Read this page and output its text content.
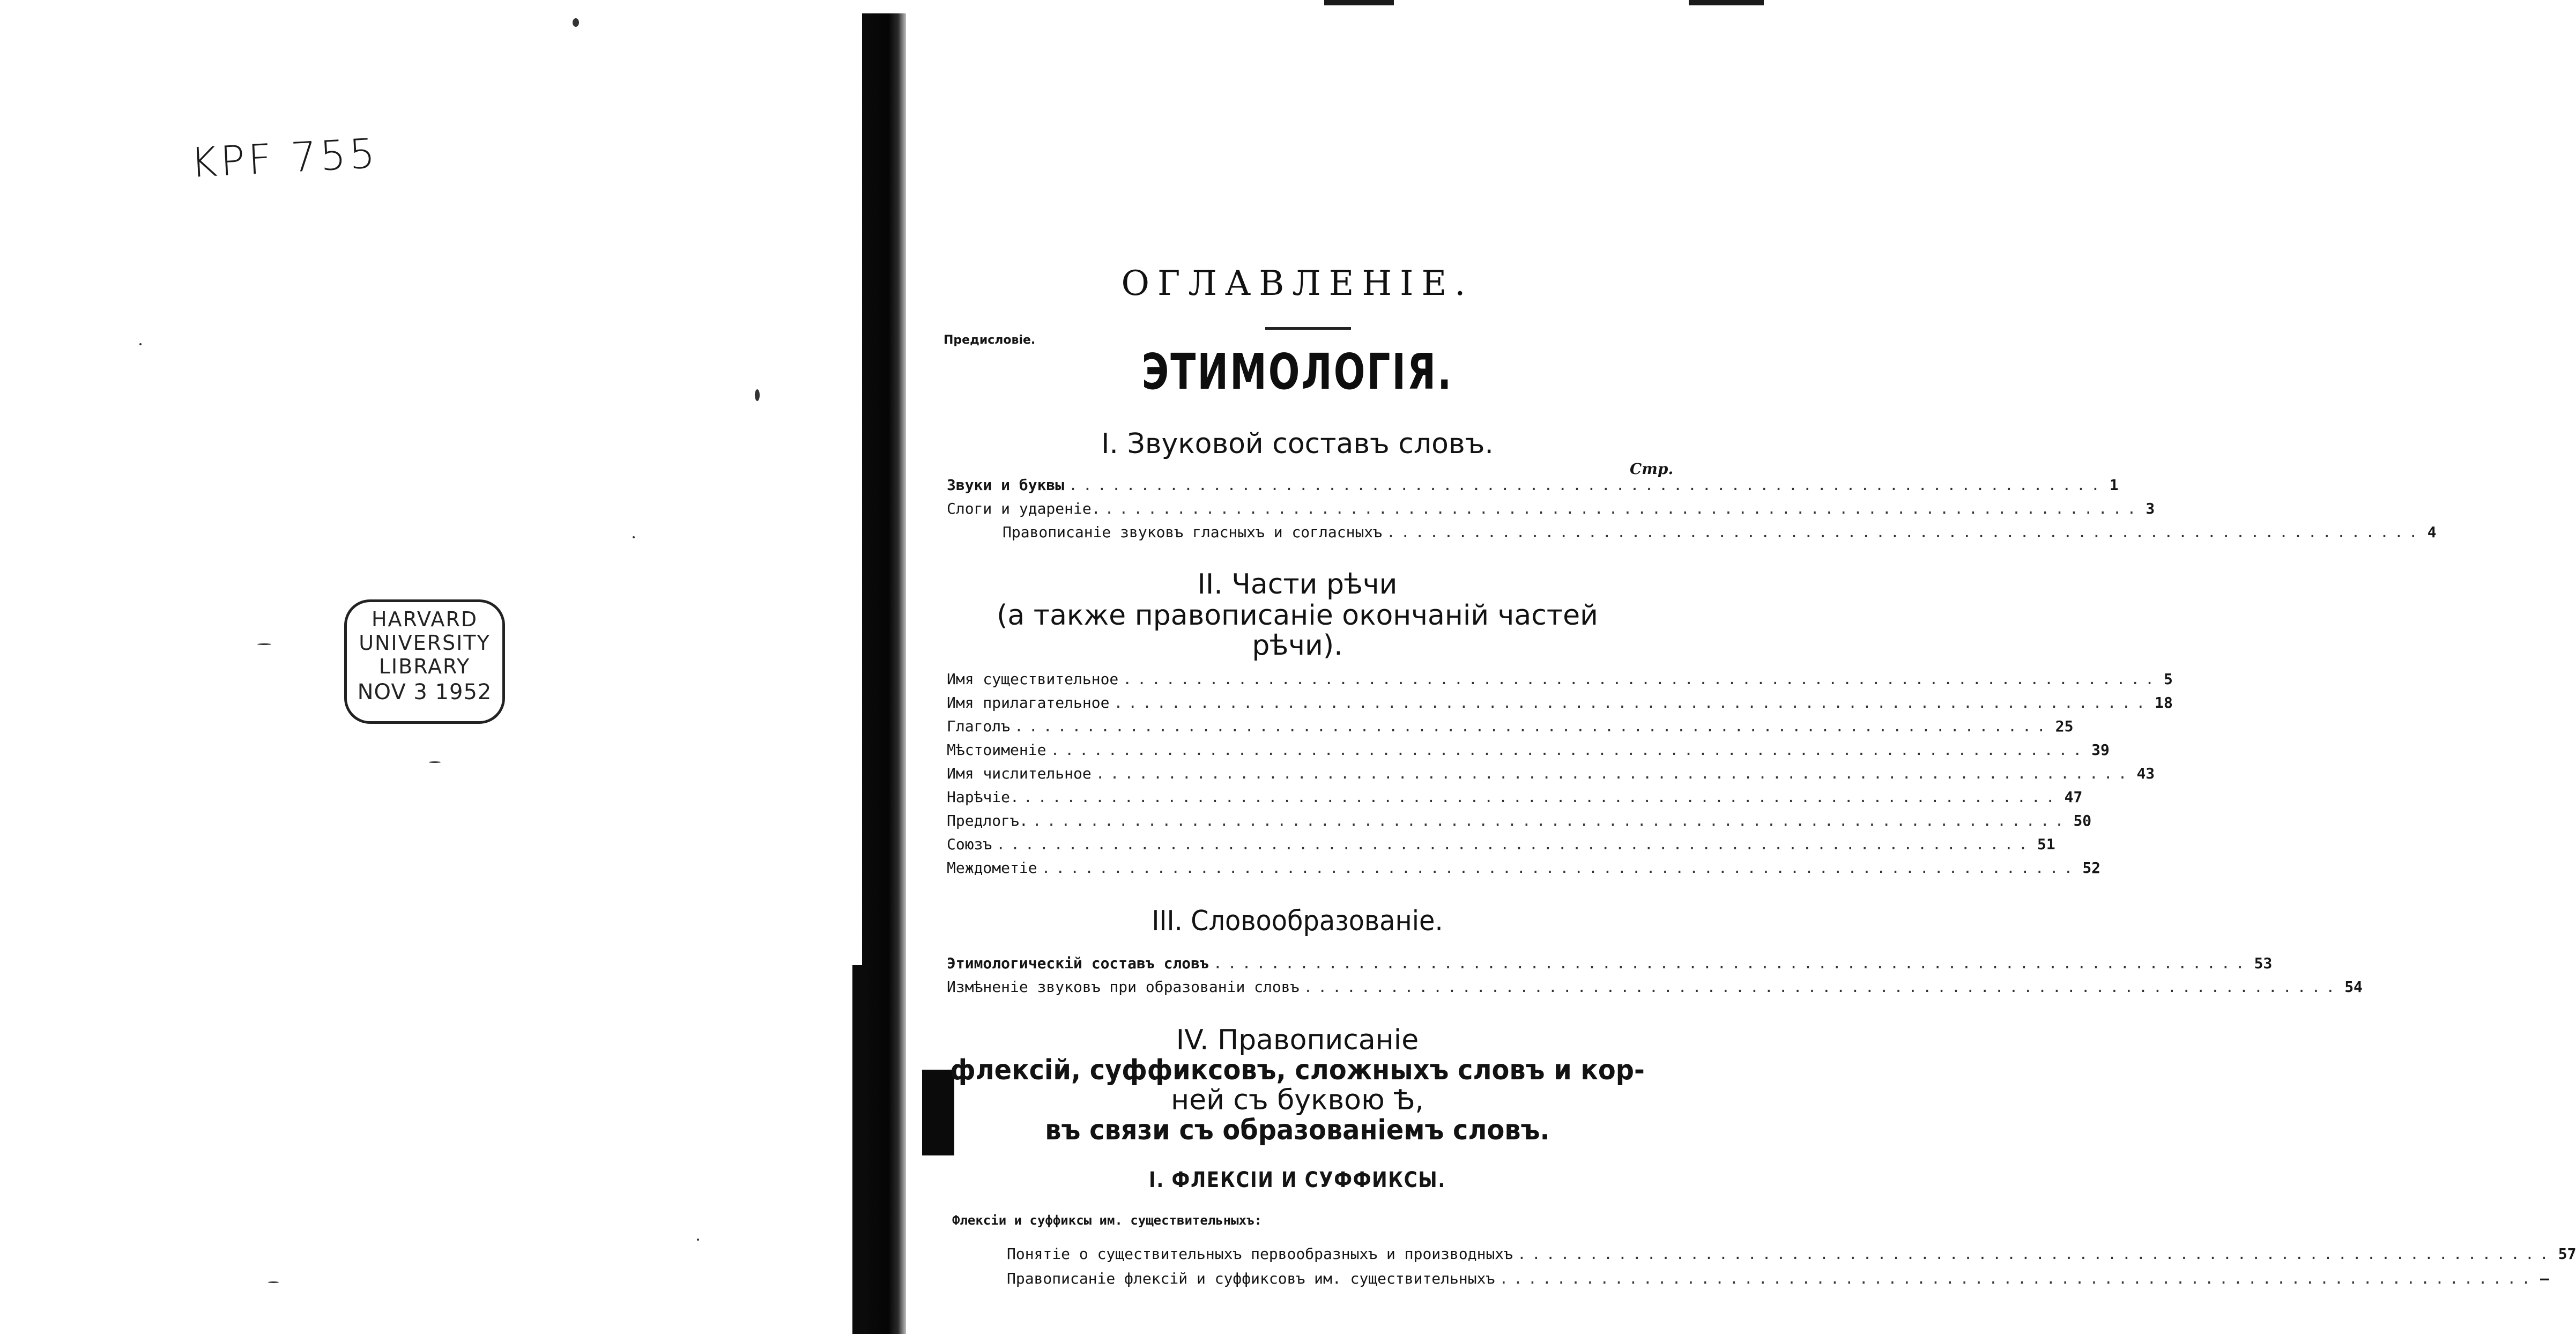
KPF 755
HARVARD
UNIVERSITY
LIBRARY
NOV 3 1952
ОГЛАВЛЕНІЕ.
Предисловіе.
ЭТИМОЛОГІЯ.
I. Звуковой составъ словъ.
Стр.
Звуки и буквы ........................................................................ 1
Слоги и удареніе. ........................................................................ 3
Правописаніе звуковъ гласныхъ и согласныхъ ........................................................................ 4
II. Части рѣчи
(а также правописаніе окончаній частей
рѣчи).
Имя существительное ........................................................................ 5
Имя прилагательное ........................................................................ 18
Глаголъ ........................................................................ 25
Мѣстоименіе ........................................................................ 39
Имя числительное ........................................................................ 43
Нарѣчіе. ........................................................................ 47
Предлогъ. ........................................................................ 50
Союзъ ........................................................................ 51
Междометіе ........................................................................ 52
III. Словообразованіе.
Этимологическій составъ словъ ........................................................................ 53
Измѣненіе звуковъ при образованіи словъ ........................................................................ 54
IV. Правописаніе
флексій, суффиксовъ, сложныхъ словъ и кор-
ней съ буквою Ѣ,
въ связи съ образованіемъ словъ.
I. ФЛЕКСІИ И СУФФИКСЫ.
Флексіи и суффиксы им. существительныхъ:
Понятіе о существительныхъ первообразныхъ и производныхъ ........................................................................ 57
Правописаніе флексій и суффиксовъ им. существительныхъ ........................................................................ —
